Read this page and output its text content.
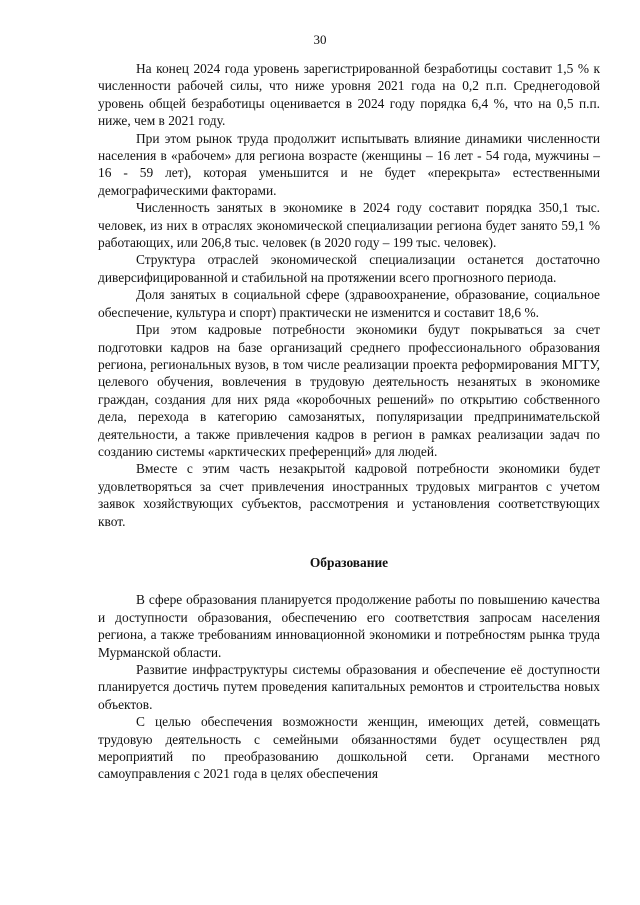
30

На конец 2024 года уровень зарегистрированной безработицы составит 1,5 % к численности рабочей силы, что ниже уровня 2021 года на 0,2 п.п. Среднегодовой уровень общей безработицы оценивается в 2024 году порядка 6,4 %, что на 0,5 п.п. ниже, чем в 2021 году.

При этом рынок труда продолжит испытывать влияние динамики численности населения в «рабочем» для региона возрасте (женщины – 16 лет - 54 года, мужчины – 16 - 59 лет), которая уменьшится и не будет «перекрыта» естественными демографическими факторами.

Численность занятых в экономике в 2024 году составит порядка 350,1 тыс. человек, из них в отраслях экономической специализации региона будет занято 59,1 % работающих, или 206,8 тыс. человек (в 2020 году – 199 тыс. человек).

Структура отраслей экономической специализации останется достаточно диверсифицированной и стабильной на протяжении всего прогнозного периода.

Доля занятых в социальной сфере (здравоохранение, образование, социальное обеспечение, культура и спорт) практически не изменится и составит 18,6 %.

При этом кадровые потребности экономики будут покрываться за счет подготовки кадров на базе организаций среднего профессионального образования региона, региональных вузов, в том числе реализации проекта реформирования МГТУ, целевого обучения, вовлечения в трудовую деятельность незанятых в экономике граждан, создания для них ряда «коробочных решений» по открытию собственного дела, перехода в категорию самозанятых, популяризации предпринимательской деятельности, а также привлечения кадров в регион в рамках реализации задач по созданию системы «арктических преференций» для людей.

Вместе с этим часть незакрытой кадровой потребности экономики будет удовлетворяться за счет привлечения иностранных трудовых мигрантов с учетом заявок хозяйствующих субъектов, рассмотрения и установления соответствующих квот.

Образование

В сфере образования планируется продолжение работы по повышению качества и доступности образования, обеспечению его соответствия запросам населения региона, а также требованиям инновационной экономики и потребностям рынка труда Мурманской области.

Развитие инфраструктуры системы образования и обеспечение её доступности планируется достичь путем проведения капитальных ремонтов и строительства новых объектов.

С целью обеспечения возможности женщин, имеющих детей, совмещать трудовую деятельность с семейными обязанностями будет осуществлен ряд мероприятий по преобразованию дошкольной сети. Органами местного самоуправления с 2021 года в целях обеспечения
